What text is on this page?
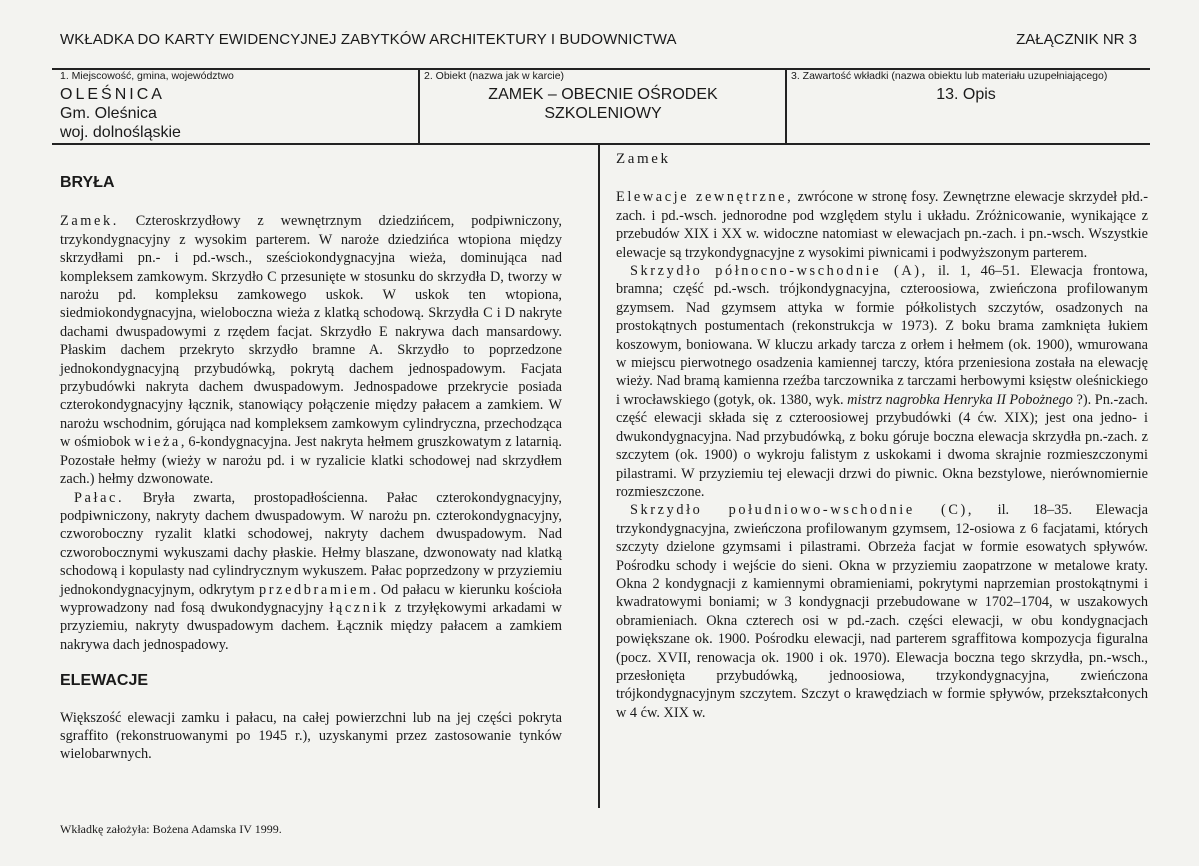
WKŁADKA DO KARTY EWIDENCYJNEJ ZABYTKÓW ARCHITEKTURY I BUDOWNICTWA	ZAŁĄCZNIK NR 3
1. Miejscowość, gmina, województwo
OLEŚNICA
Gm. Oleśnica
woj. dolnośląskie
2. Obiekt (nazwa jak w karcie)
ZAMEK – OBECNIE OŚRODEK
SZKOLENIOWY
3. Zawartość wkładki (nazwa obiektu lub materiału uzupełniającego)
13. Opis
BRYŁA

Zamek. Czteroskrzydłowy z wewnętrznym dziedzińcem, podpiwniczony, trzykondygnacyjny z wysokim parterem. W narożе dziedzińca wtopiona między skrzydłami pn.- i pd.-wsch., sześciokondygnacyjna wieża, dominująca nad kompleksem zamkowym. Skrzydło C przesunięte w stosunku do skrzydła D, tworzy w narożu pd. kompleksu zamkowego uskok. W uskok ten wtopiona, siedmiokondygnacyjna, wieloboczna wieża z klatką schodową. Skrzydła C i D nakryte dachami dwuspadowymi z rzędem facjat. Skrzydło E nakrywa dach mansardowy. Płaskim dachem przekryto skrzydło bramne A. Skrzydło to poprzedzone jednokondygnacyjną przybudówką, pokrytą dachem jednospadowym. Facjata przybudówki nakryta dachem dwuspadowym. Jednospadowe przekrycie posiada czterokondygnacyjny łącznik, stanowiący połączenie między pałacem a zamkiem. W narożu wschodnim, górująca nad kompleksem zamkowym cylindryczna, przechodząca w ośmiobok wieża, 6-kondygnacyjna. Jest nakryta hełmem gruszkowatym z latarnią. Pozostałe hełmy (wieży w narożu pd. i w ryzalicie klatki schodowej nad skrzydłem zach.) hełmy dzwonowate.

Pałac. Bryła zwarta, prostopadłościenna. Pałac czterokondygnacyjny, podpiwniczony, nakryty dachem dwuspadowym. W narożu pn. czterokondygnacyjny, czworoboczny ryzalit klatki schodowej, nakryty dachem dwuspadowym. Nad czworobocznymi wykuszami dachy płaskie. Hełmy blaszane, dzwonowaty nad klatką schodową i kopulasty nad cylindrycznym wykuszem. Pałac poprzedzony w przyziemiu jednokondygnacyjnym, odkrytym przedbramiem. Od pałacu w kierunku kościoła wyprowadzony nad fosą dwukondygnacyjny łącznik z trzyłękowymi arkadami w przyziemiu, nakryty dwuspadowym dachem. Łącznik między pałacem a zamkiem nakrywa dach jednospadowy.

ELEWACJE

Większość elewacji zamku i pałacu, na całej powierzchni lub na jej części pokryta sgraffito (rekonstruowanymi po 1945 r.), uzyskanymi przez zastosowanie tynków wielobarwnych.

Zamek

Elewacje zewnętrzne, zwrócone w stronę fosy. Zewnętrzne elewacje skrzydeł płd.-zach. i pd.-wsch. jednorodne pod względem stylu i układu. Zróżnicowanie, wynikające z przebudów XIX i XX w. widoczne natomiast w elewacjach pn.-zach. i pn.-wsch. Wszystkie elewacje są trzykondygnacyjne z wysokimi piwnicami i podwyższonym parterem.

Skrzydło północno-wschodnie (A), il. 1, 46–51. Elewacja frontowa, bramna; część pd.-wsch. trójkondygnacyjna, czteroosiowa, zwieńczona profilowanym gzymsem. Nad gzymsem attyka w formie półkolistych szczytów, osadzonych na prostokątnych postumentach (rekonstrukcja w 1973). Z boku brama zamknięta łukiem koszowym, boniowana. W kluczu arkady tarcza z orłem i hełmem (ok. 1900), wmurowana w miejscu pierwotnego osadzenia kamiennej tarczy, która przeniesiona została na elewację wieży. Nad bramą kamienna rzeźba tarczownika z tarczami herbowymi księstw oleśnickiego i wrocławskiego (gotyk, ok. 1380, wyk. mistrz nagrobka Henryka II Pobożnego ?). Pn.-zach. część elewacji składa się z czteroosiowej przybudówki (4 ćw. XIX); jest ona jedno- i dwukondygnacyjna. Nad przybudówką, z boku góruje boczna elewacja skrzydła pn.-zach. z szczytem (ok. 1900) o wykroju falistym z uskokami i dwoma skrajnie rozmieszczonymi pilastrami. W przyziemiu tej elewacji drzwi do piwnic. Okna bezstylowe, nierównomiernie rozmieszczone.

Skrzydło południowo-wschodnie (C), il. 18–35. Elewacja trzykondygnacyjna, zwieńczona profilowanym gzymsem, 12-osiowa z 6 facjatami, których szczyty dzielone gzymsami i pilastrami. Obrzeża facjat w formie esowatych spływów. Pośrodku schody i wejście do sieni. Okna w przyziemiu zaopatrzone w metalowe kraty. Okna 2 kondygnacji z kamiennymi obramieniami, pokrytymi naprzemian prostokątnymi i kwadratowymi boniami; w 3 kondygnacji przebudowane w 1702–1704, w uszakowych obramieniach. Okna czterech osi w pd.-zach. części elewacji, w obu kondygnacjach powiększane ok. 1900. Pośrodku elewacji, nad parterem sgraffitowa kompozycja figuralna (pocz. XVII, renowacja ok. 1900 i ok. 1970). Elewacja boczna tego skrzydła, pn.-wsch., przesłonięta przybudówką, jednoosiowa, trzykondygnacyjna, zwieńczona trójkondygnacyjnym szczytem. Szczyt o krawędziach w formie spływów, przekształconych w 4 ćw. XIX w.

Wkładkę założyła: Bożena Adamska IV 1999.
